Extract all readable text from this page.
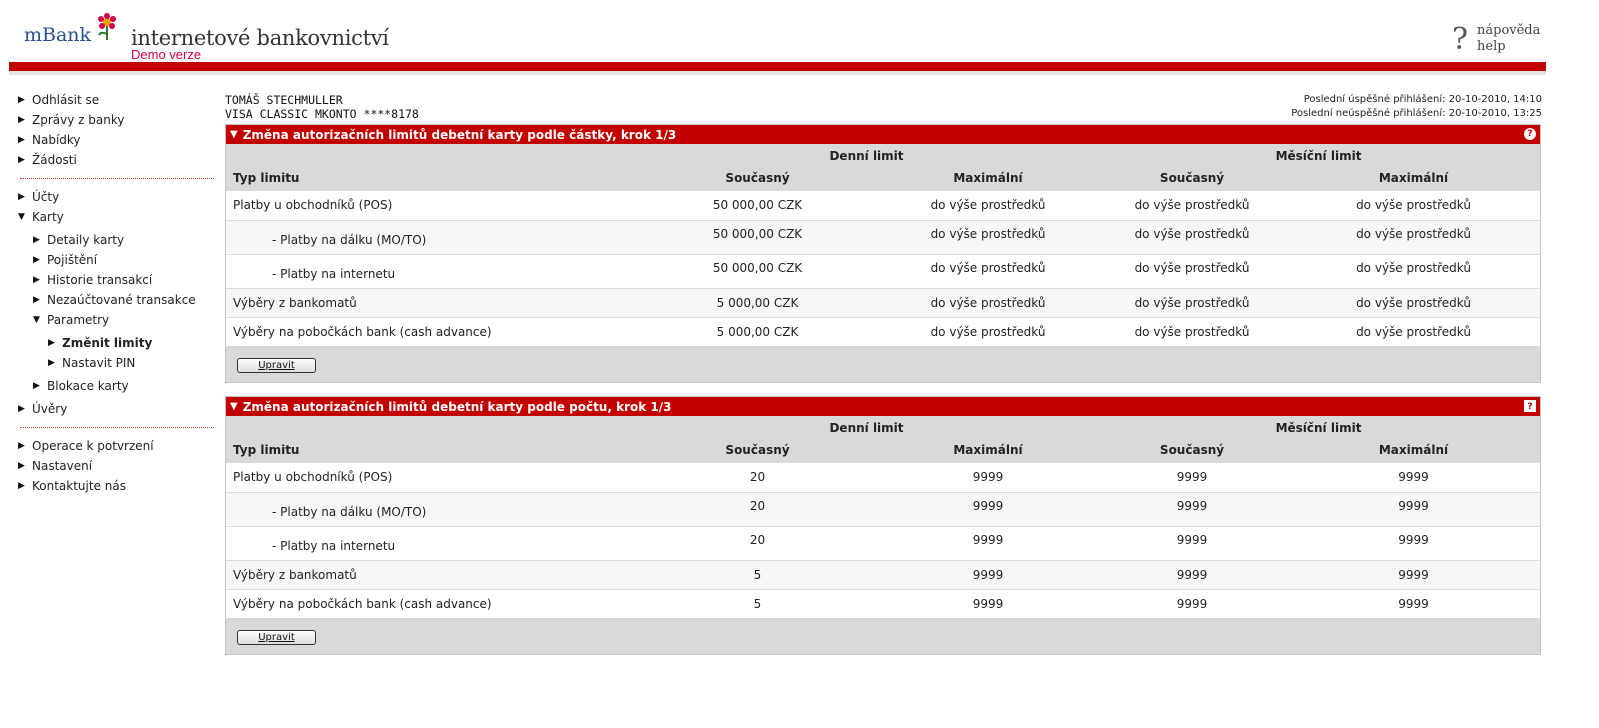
mBank internetové bankovnictví
Demo verze	? nápověda
help
▶ Odhlásit se
▶ Zprávy z banky
▶ Nabídky
▶ Žádosti
▶ Účty
▼ Karty
▶ Detaily karty
▶ Pojištění
▶ Historie transakcí
▶ Nezaúčtované transakce
▼ Parametry
▶ Změnit limity
▶ Nastavit PIN
▶ Blokace karty
▶ Úvěry
▶ Operace k potvrzení
▶ Nastavení
▶ Kontaktujte nás
TOMÁŠ STECHMULLER
VISA CLASSIC MKONTO ****8178
Poslední úspěšné přihlášení: 20-10-2010, 14:10
Poslední neúspěšné přihlášení: 20-10-2010, 13:25
▼ Změna autorizačních limitů debetní karty podle částky, krok 1/3	?
	Denní limit		Měsíční limit	
Typ limitu	Současný	Maximální	Současný	Maximální
Platby u obchodníků (POS)	50 000,00 CZK	do výše prostředků	do výše prostředků	do výše prostředků
- Platby na dálku (MO/TO)	50 000,00 CZK	do výše prostředků	do výše prostředků	do výše prostředků
- Platby na internetu	50 000,00 CZK	do výše prostředků	do výše prostředků	do výše prostředků
Výběry z bankomatů	5 000,00 CZK	do výše prostředků	do výše prostředků	do výše prostředků
Výběry na pobočkách bank (cash advance)	5 000,00 CZK	do výše prostředků	do výše prostředků	do výše prostředků
Upravit
▼ Změna autorizačních limitů debetní karty podle počtu, krok 1/3	?
	Denní limit		Měsíční limit	
Typ limitu	Současný	Maximální	Současný	Maximální
Platby u obchodníků (POS)	20	9999	9999	9999
- Platby na dálku (MO/TO)	20	9999	9999	9999
- Platby na internetu	20	9999	9999	9999
Výběry z bankomatů	5	9999	9999	9999
Výběry na pobočkách bank (cash advance)	5	9999	9999	9999
Upravit
